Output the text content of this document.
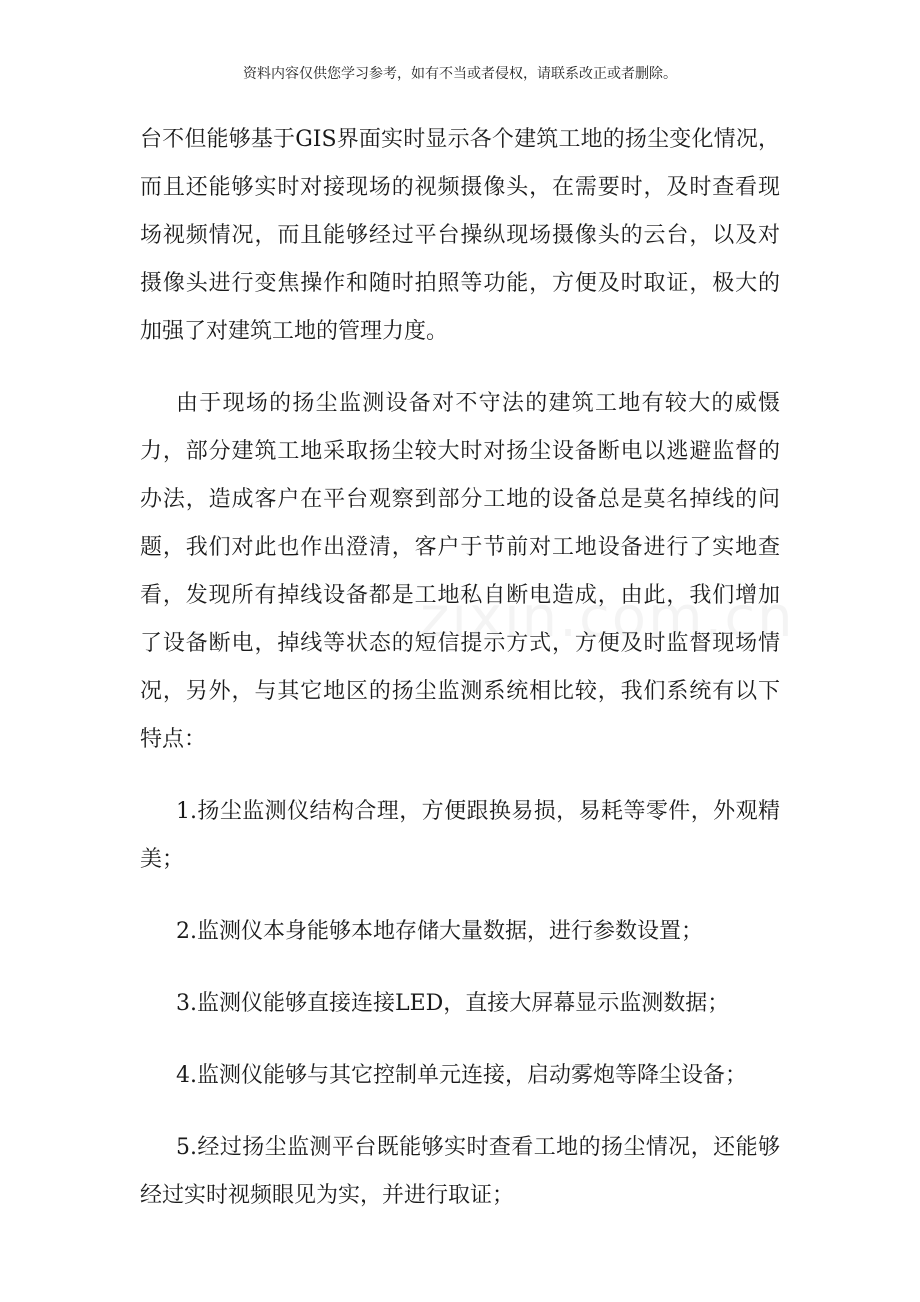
资料内容仅供您学习参考，如有不当或者侵权，请联系改正或者删除。
台不但能够基于GIS界面实时显示各个建筑工地的扬尘变化情况，
而且还能够实时对接现场的视频摄像头，在需要时，及时查看现
场视频情况，而且能够经过平台操纵现场摄像头的云台，以及对
摄像头进行变焦操作和随时拍照等功能，方便及时取证，极大的
加强了对建筑工地的管理力度。
由于现场的扬尘监测设备对不守法的建筑工地有较大的威慑
力，部分建筑工地采取扬尘较大时对扬尘设备断电以逃避监督的
办法，造成客户在平台观察到部分工地的设备总是莫名掉线的问
题，我们对此也作出澄清，客户于节前对工地设备进行了实地查
看，发现所有掉线设备都是工地私自断电造成，由此，我们增加
了设备断电，掉线等状态的短信提示方式，方便及时监督现场情
况，另外，与其它地区的扬尘监测系统相比较，我们系统有以下
特点：
1.扬尘监测仪结构合理，方便跟换易损，易耗等零件，外观精
美；
2.监测仪本身能够本地存储大量数据，进行参数设置；
3.监测仪能够直接连接LED，直接大屏幕显示监测数据；
4.监测仪能够与其它控制单元连接，启动雾炮等降尘设备；
5.经过扬尘监测平台既能够实时查看工地的扬尘情况，还能够
经过实时视频眼见为实，并进行取证；
